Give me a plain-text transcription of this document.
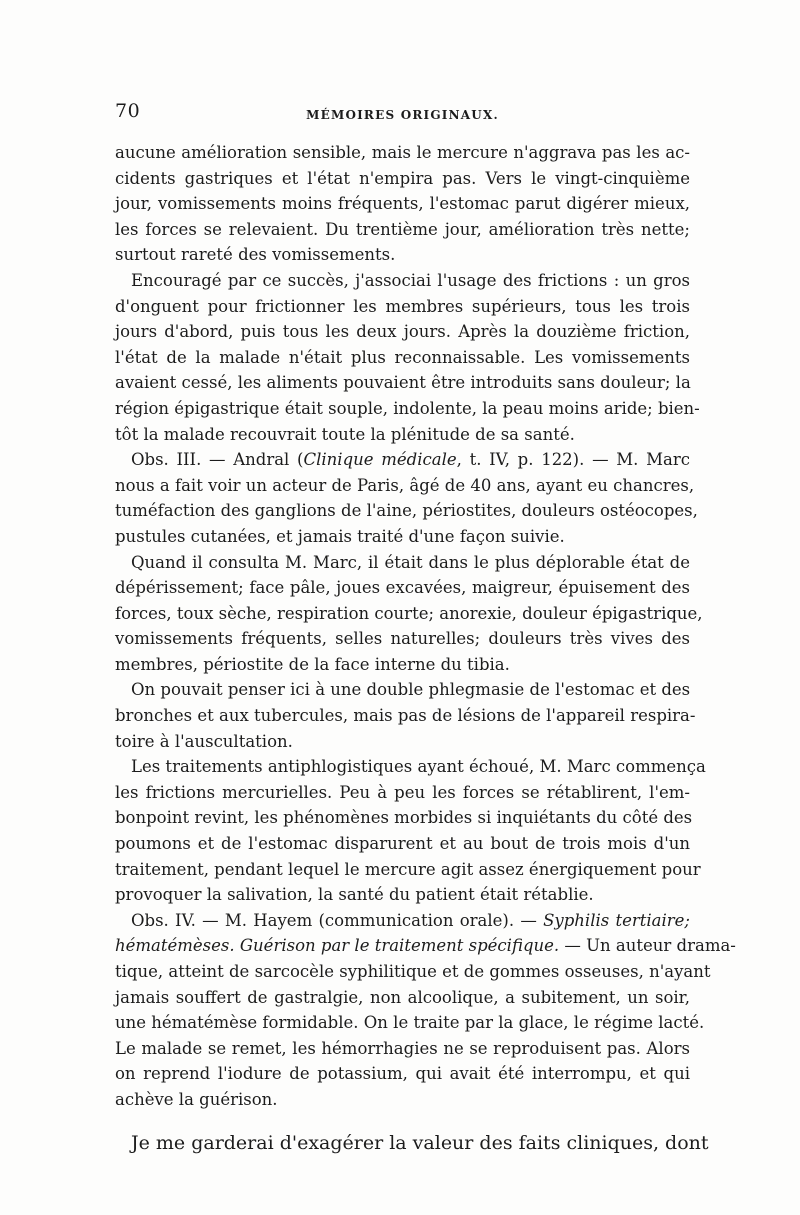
70	MÉMOIRES ORIGINAUX.
aucune amélioration sensible, mais le mercure n'aggrava pas les ac-
cidents gastriques et l'état n'empira pas. Vers le vingt-cinquième
jour, vomissements moins fréquents, l'estomac parut digérer mieux,
les forces se relevaient. Du trentième jour, amélioration très nette;
surtout rareté des vomissements.
Encouragé par ce succès, j'associai l'usage des frictions : un gros
d'onguent pour frictionner les membres supérieurs, tous les trois
jours d'abord, puis tous les deux jours. Après la douzième friction,
l'état de la malade n'était plus reconnaissable. Les vomissements
avaient cessé, les aliments pouvaient être introduits sans douleur; la
région épigastrique était souple, indolente, la peau moins aride; bien-
tôt la malade recouvrait toute la plénitude de sa santé.
Obs. III. — Andral (Clinique médicale, t. IV, p. 122). — M. Marc
nous a fait voir un acteur de Paris, âgé de 40 ans, ayant eu chancres,
tuméfaction des ganglions de l'aine, périostites, douleurs ostéocopes,
pustules cutanées, et jamais traité d'une façon suivie.
Quand il consulta M. Marc, il était dans le plus déplorable état de
dépérissement; face pâle, joues excavées, maigreur, épuisement des
forces, toux sèche, respiration courte; anorexie, douleur épigastrique,
vomissements fréquents, selles naturelles; douleurs très vives des
membres, périostite de la face interne du tibia.
On pouvait penser ici à une double phlegmasie de l'estomac et des
bronches et aux tubercules, mais pas de lésions de l'appareil respira-
toire à l'auscultation.
Les traitements antiphlogistiques ayant échoué, M. Marc commença
les frictions mercurielles. Peu à peu les forces se rétablirent, l'em-
bonpoint revint, les phénomènes morbides si inquiétants du côté des
poumons et de l'estomac disparurent et au bout de trois mois d'un
traitement, pendant lequel le mercure agit assez énergiquement pour
provoquer la salivation, la santé du patient était rétablie.
Obs. IV. — M. Hayem (communication orale). — Syphilis tertiaire;
hématémèses. Guérison par le traitement spécifique. — Un auteur drama-
tique, atteint de sarcocèle syphilitique et de gommes osseuses, n'ayant
jamais souffert de gastralgie, non alcoolique, a subitement, un soir,
une hématémèse formidable. On le traite par la glace, le régime lacté.
Le malade se remet, les hémorrhagies ne se reproduisent pas. Alors
on reprend l'iodure de potassium, qui avait été interrompu, et qui
achève la guérison.
Je me garderai d'exagérer la valeur des faits cliniques, dont
